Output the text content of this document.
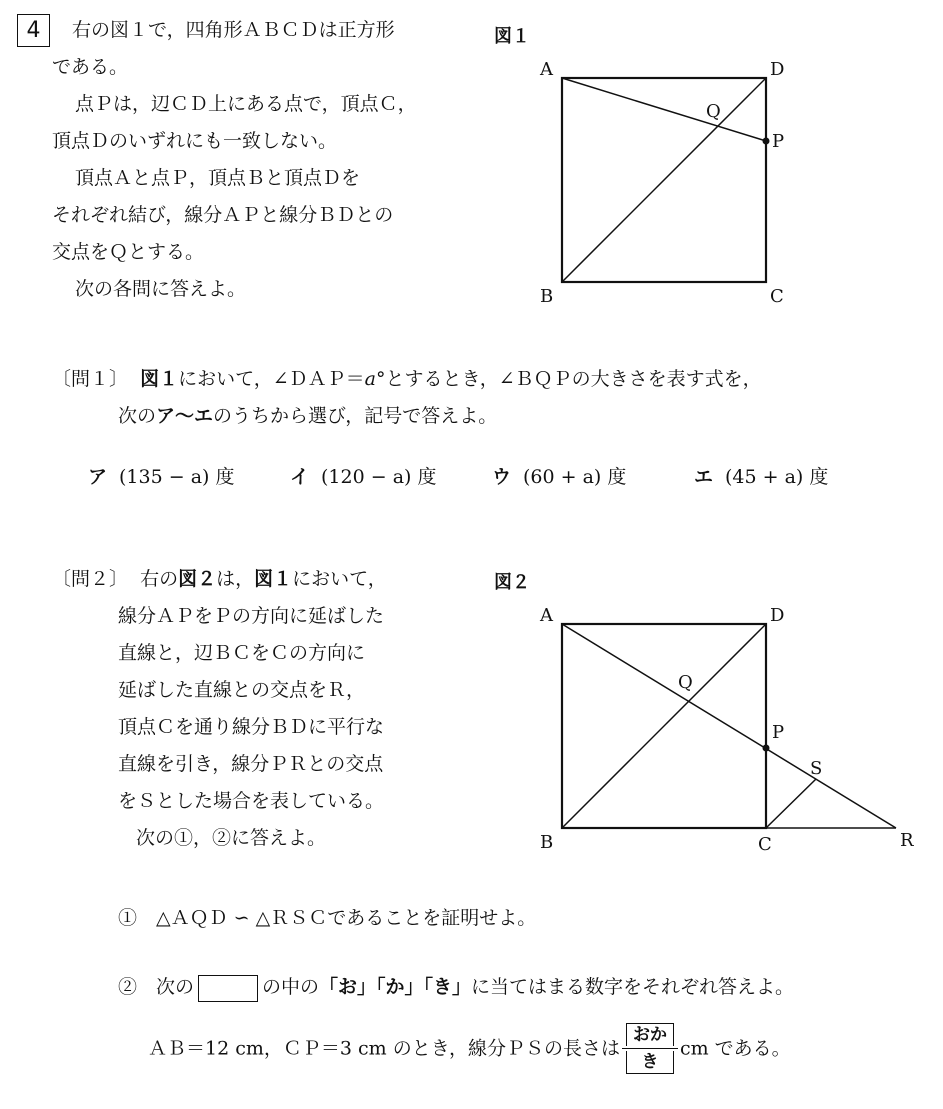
4	右の図１で，四角形ＡＢＣＤは正方形
である。
点Ｐは，辺ＣＤ上にある点で，頂点Ｃ，
頂点Ｄのいずれにも一致しない。
頂点Ａと点Ｐ，頂点Ｂと頂点Ｄを
それぞれ結び，線分ＡＰと線分ＢＤとの
交点をＱとする。
次の各問に答えよ。
図１
A
B	C
D
P
Q
〔問１〕 図１において，∠ＤＡＰ＝a°とするとき，∠ＢＱＰの大きさを表す式を，
次のア～エのうちから選び，記号で答えよ。
ア (135 − a) 度	イ (120 − a) 度	ウ (60 + a) 度	エ (45 + a) 度
〔問２〕 右の図２は，図１において，
線分ＡＰをＰの方向に延ばした
直線と，辺ＢＣをＣの方向に
延ばした直線との交点をＲ，
頂点Ｃを通り線分ＢＤに平行な
直線を引き，線分ＰＲとの交点
をＳとした場合を表している。
次の①，②に答えよ。
図２
A
B	C
D
P
Q
R
S
①　△ＡＱＤ ∽ △ＲＳＣであることを証明せよ。
②　次の	の中の「お」「か」「き」に当てはまる数字をそれぞれ答えよ。
ＡＢ＝12 cm，ＣＰ＝3 cm のとき，線分ＰＳの長さは $\frac{\text{おか}}{\text{き}}$ cm である。
